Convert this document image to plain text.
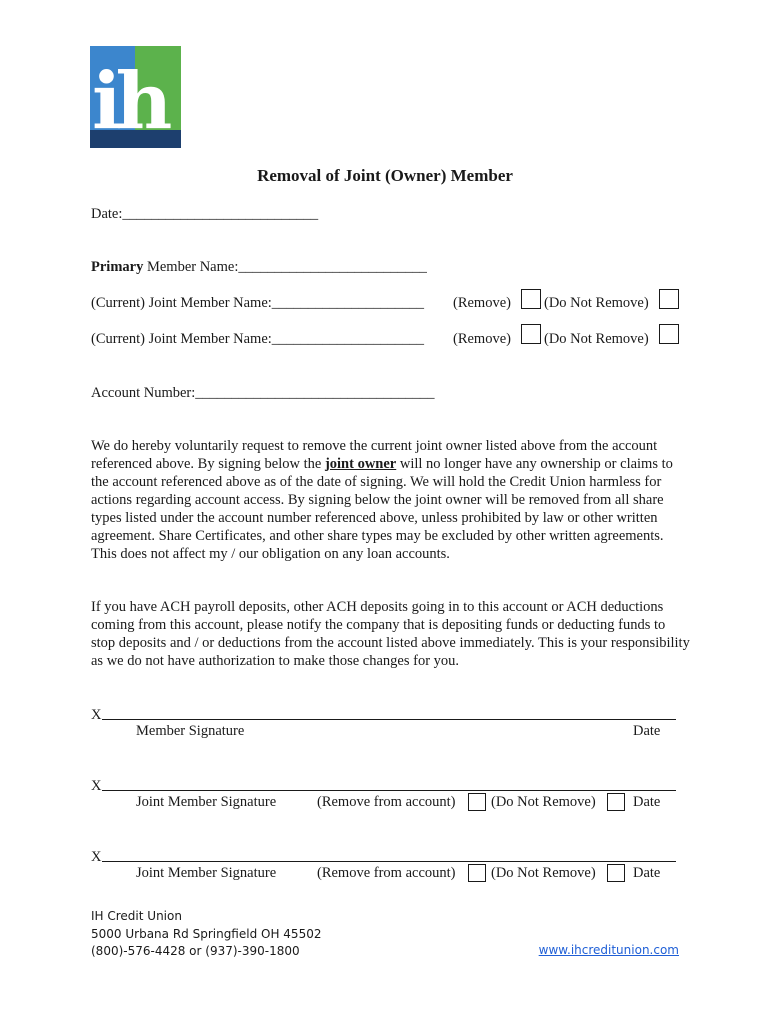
ih
Removal of Joint (Owner) Member
Date:___________________________
Primary Member Name:__________________________
(Current) Joint Member Name:_____________________ (Remove) (Do Not Remove)
(Current) Joint Member Name:_____________________ (Remove) (Do Not Remove)
Account Number:_________________________________
We do hereby voluntarily request to remove the current joint owner listed above from the account referenced above. By signing below the joint owner will no longer have any ownership or claims to the account referenced above as of the date of signing. We will hold the Credit Union harmless for actions regarding account access. By signing below the joint owner will be removed from all share types listed under the account number referenced above, unless prohibited by law or other written agreement. Share Certificates, and other share types may be excluded by other written agreements. This does not affect my / our obligation on any loan accounts.
If you have ACH payroll deposits, other ACH deposits going in to this account or ACH deductions coming from this account, please notify the company that is depositing funds or deducting funds to stop deposits and / or deductions from the account listed above immediately. This is your responsibility as we do not have authorization to make those changes for you.
X
Member Signature	Date
X
Joint Member Signature	(Remove from account) (Do Not Remove)	Date
X
Joint Member Signature	(Remove from account) (Do Not Remove)	Date
IH Credit Union
5000 Urbana Rd Springfield OH 45502
(800)-576-4428 or (937)-390-1800	www.ihcreditunion.com
